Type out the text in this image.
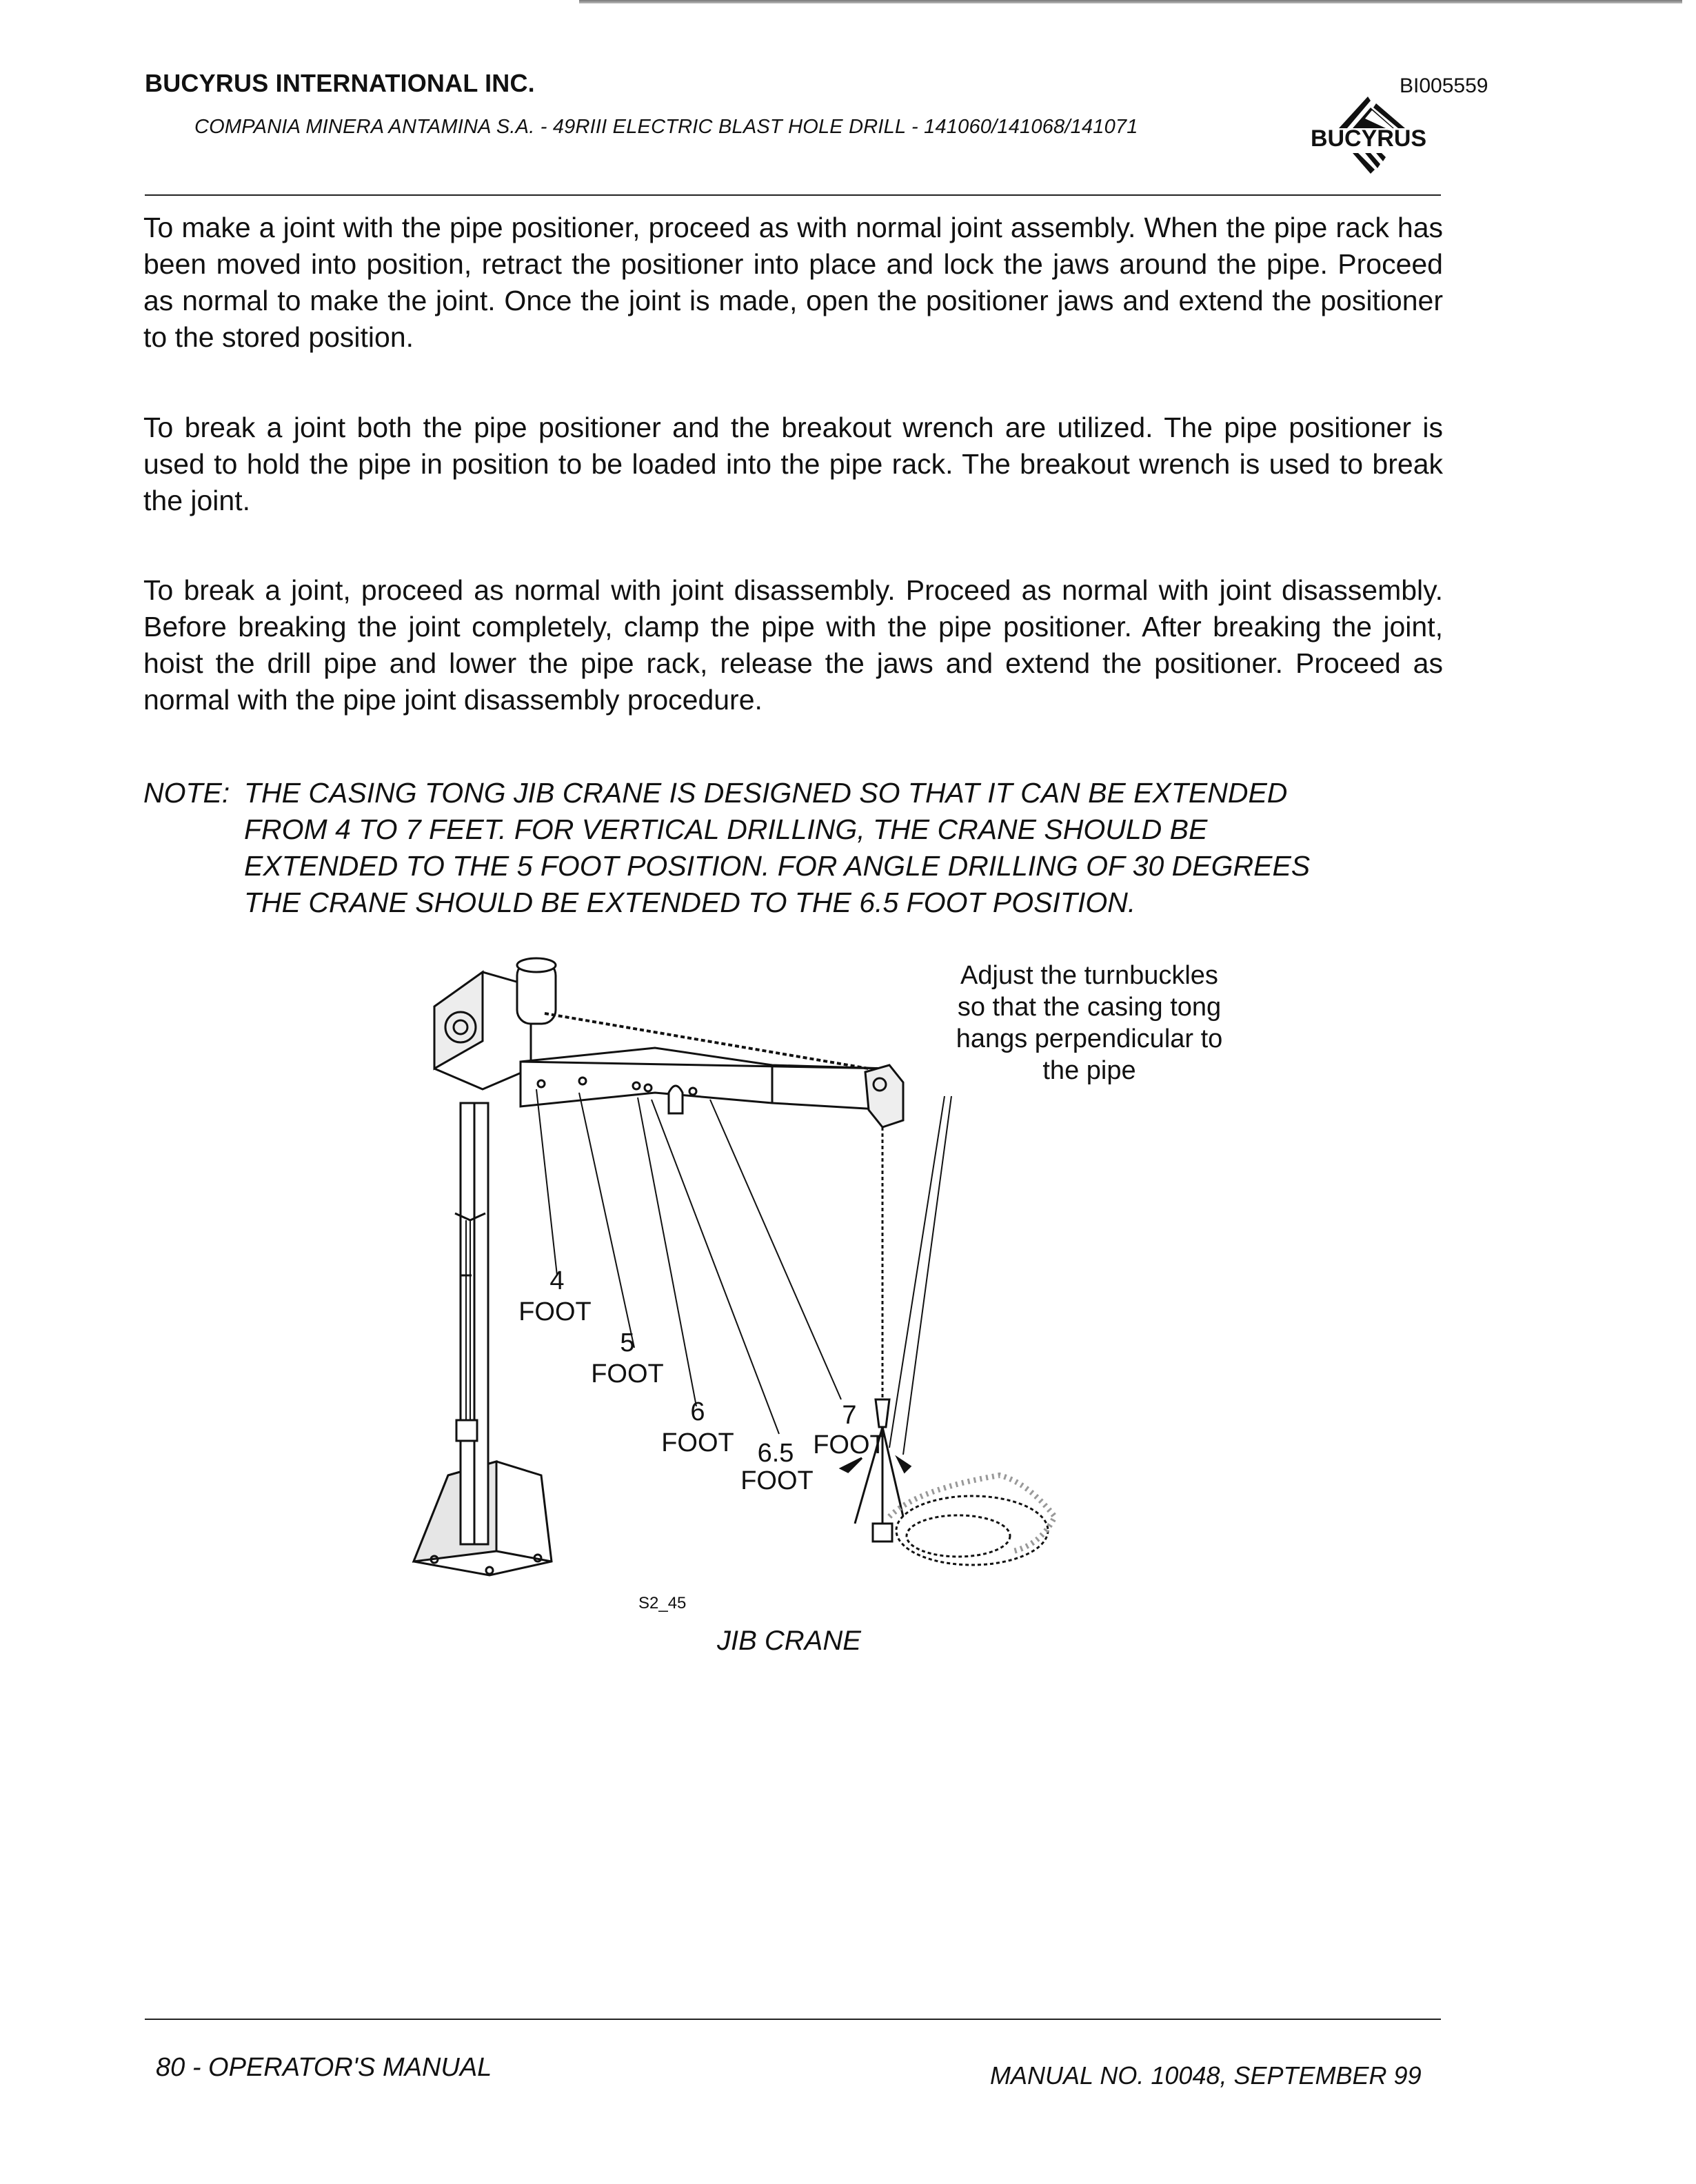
BUCYRUS INTERNATIONAL INC.	BI005559
COMPANIA MINERA ANTAMINA S.A. - 49RIII ELECTRIC BLAST HOLE DRILL - 141060/141068/141071	BUCYRUS

To make a joint with the pipe positioner, proceed as with normal joint assembly. When the pipe rack has been moved into position, retract the positioner into place and lock the jaws around the pipe. Proceed as normal to make the joint. Once the joint is made, open the positioner jaws and extend the positioner to the stored position.

To break a joint both the pipe positioner and the breakout wrench are utilized. The pipe positioner is used to hold the pipe in position to be loaded into the pipe rack. The breakout wrench is used to break the joint.

To break a joint, proceed as normal with joint disassembly. Proceed as normal with joint disassembly. Before breaking the joint completely, clamp the pipe with the pipe positioner. After breaking the joint, hoist the drill pipe and lower the pipe rack, release the jaws and extend the positioner. Proceed as normal with the pipe joint disassembly procedure.

NOTE: THE CASING TONG JIB CRANE IS DESIGNED SO THAT IT CAN BE EXTENDED
FROM 4 TO 7 FEET. FOR VERTICAL DRILLING, THE CRANE SHOULD BE
EXTENDED TO THE 5 FOOT POSITION. FOR ANGLE DRILLING OF 30 DEGREES
THE CRANE SHOULD BE EXTENDED TO THE 6.5 FOOT POSITION.
4
FOOT
5
FOOT
6
FOOT 6.5
FOOT
7
FOOT
Adjust the turnbuckles so that the casing tong hangs perpendicular to the pipe
S2_45
JIB CRANE
80 - OPERATOR'S MANUAL	MANUAL NO. 10048, SEPTEMBER 99
